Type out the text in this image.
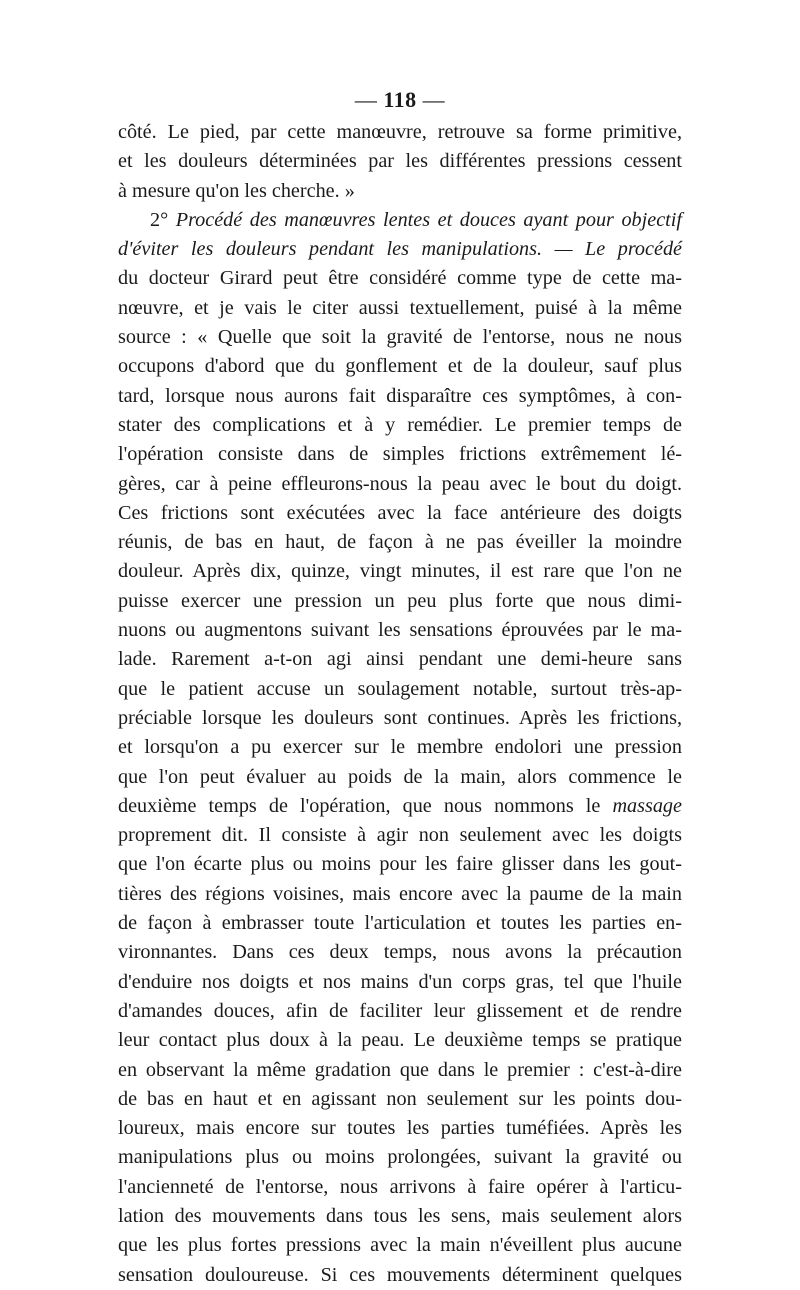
— 118 —
côté. Le pied, par cette manœuvre, retrouve sa forme primitive,
et les douleurs déterminées par les différentes pressions cessent
à mesure qu'on les cherche. »
2° Procédé des manœuvres lentes et douces ayant pour objectif
d'éviter les douleurs pendant les manipulations. — Le procédé
du docteur Girard peut être considéré comme type de cette ma-
nœuvre, et je vais le citer aussi textuellement, puisé à la même
source : « Quelle que soit la gravité de l'entorse, nous ne nous
occupons d'abord que du gonflement et de la douleur, sauf plus
tard, lorsque nous aurons fait disparaître ces symptômes, à con-
stater des complications et à y remédier. Le premier temps de
l'opération consiste dans de simples frictions extrêmement lé-
gères, car à peine effleurons-nous la peau avec le bout du doigt.
Ces frictions sont exécutées avec la face antérieure des doigts
réunis, de bas en haut, de façon à ne pas éveiller la moindre
douleur. Après dix, quinze, vingt minutes, il est rare que l'on ne
puisse exercer une pression un peu plus forte que nous dimi-
nuons ou augmentons suivant les sensations éprouvées par le ma-
lade. Rarement a-t-on agi ainsi pendant une demi-heure sans
que le patient accuse un soulagement notable, surtout très-ap-
préciable lorsque les douleurs sont continues. Après les frictions,
et lorsqu'on a pu exercer sur le membre endolori une pression
que l'on peut évaluer au poids de la main, alors commence le
deuxième temps de l'opération, que nous nommons le massage
proprement dit. Il consiste à agir non seulement avec les doigts
que l'on écarte plus ou moins pour les faire glisser dans les gout-
tières des régions voisines, mais encore avec la paume de la main
de façon à embrasser toute l'articulation et toutes les parties en-
vironnantes. Dans ces deux temps, nous avons la précaution
d'enduire nos doigts et nos mains d'un corps gras, tel que l'huile
d'amandes douces, afin de faciliter leur glissement et de rendre
leur contact plus doux à la peau. Le deuxième temps se pratique
en observant la même gradation que dans le premier : c'est-à-dire
de bas en haut et en agissant non seulement sur les points dou-
loureux, mais encore sur toutes les parties tuméfiées. Après les
manipulations plus ou moins prolongées, suivant la gravité ou
l'ancienneté de l'entorse, nous arrivons à faire opérer à l'articu-
lation des mouvements dans tous les sens, mais seulement alors
que les plus fortes pressions avec la main n'éveillent plus aucune
sensation douloureuse. Si ces mouvements déterminent quelques
